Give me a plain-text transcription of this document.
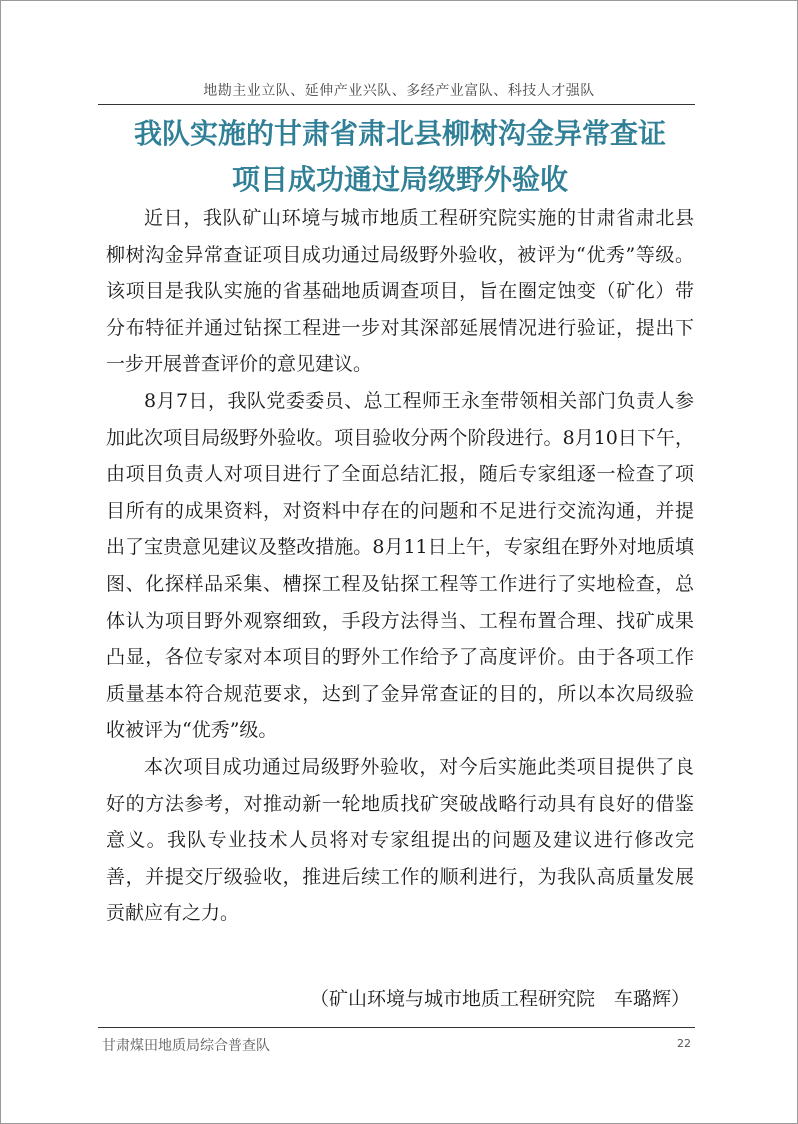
地勘主业立队、延伸产业兴队、多经产业富队、科技人才强队
我队实施的甘肃省肃北县柳树沟金异常查证
项目成功通过局级野外验收

近日，我队矿山环境与城市地质工程研究院实施的甘肃省肃北县柳树沟金异常查证项目成功通过局级野外验收，被评为“优秀”等级。该项目是我队实施的省基础地质调查项目，旨在圈定蚀变（矿化）带分布特征并通过钻探工程进一步对其深部延展情况进行验证，提出下一步开展普查评价的意见建议。

8月7日，我队党委委员、总工程师王永奎带领相关部门负责人参加此次项目局级野外验收。项目验收分两个阶段进行。8月10日下午，由项目负责人对项目进行了全面总结汇报，随后专家组逐一检查了项目所有的成果资料，对资料中存在的问题和不足进行交流沟通，并提出了宝贵意见建议及整改措施。8月11日上午，专家组在野外对地质填图、化探样品采集、槽探工程及钻探工程等工作进行了实地检查，总体认为项目野外观察细致，手段方法得当、工程布置合理、找矿成果凸显，各位专家对本项目的野外工作给予了高度评价。由于各项工作质量基本符合规范要求，达到了金异常查证的目的，所以本次局级验收被评为“优秀”级。

本次项目成功通过局级野外验收，对今后实施此类项目提供了良好的方法参考，对推动新一轮地质找矿突破战略行动具有良好的借鉴意义。我队专业技术人员将对专家组提出的问题及建议进行修改完善，并提交厅级验收，推进后续工作的顺利进行，为我队高质量发展贡献应有之力。

（矿山环境与城市地质工程研究院　车璐辉）
甘肃煤田地质局综合普查队	22
